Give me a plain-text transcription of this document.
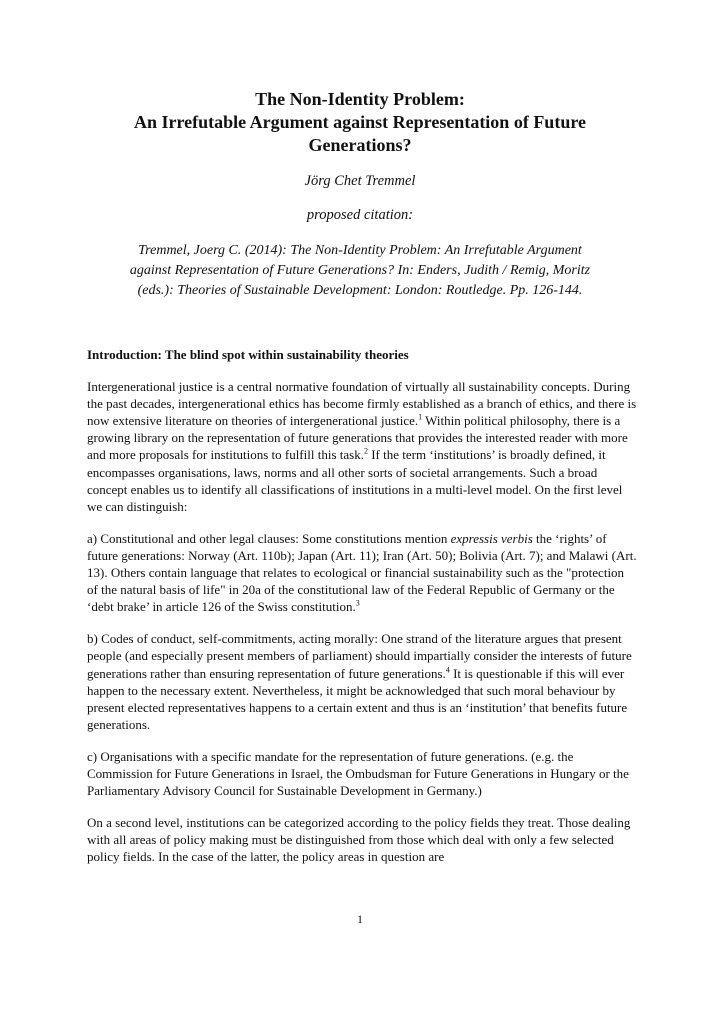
The Non-Identity Problem:
An Irrefutable Argument against Representation of Future
Generations?
Jörg Chet Tremmel
proposed citation:
Tremmel, Joerg C. (2014): The Non-Identity Problem: An Irrefutable Argument
against Representation of Future Generations? In: Enders, Judith / Remig, Moritz
(eds.): Theories of Sustainable Development: London: Routledge. Pp. 126-144.

Introduction: The blind spot within sustainability theories

Intergenerational justice is a central normative foundation of virtually all sustainability concepts. During the past decades, intergenerational ethics has become firmly established as a branch of ethics, and there is now extensive literature on theories of intergenerational justice.$^1$ Within political philosophy, there is a growing library on the representation of future generations that provides the interested reader with more and more proposals for institutions to fulfill this task.$^2$ If the term ‘institutions’ is broadly defined, it encompasses organisations, laws, norms and all other sorts of societal arrangements. Such a broad concept enables us to identify all classifications of institutions in a multi-level model. On the first level we can distinguish:

a) Constitutional and other legal clauses: Some constitutions mention expressis verbis the ‘rights’ of future generations: Norway (Art. 110b); Japan (Art. 11); Iran (Art. 50); Bolivia (Art. 7); and Malawi (Art. 13). Others contain language that relates to ecological or financial sustainability such as the "protection of the natural basis of life" in 20a of the constitutional law of the Federal Republic of Germany or the ‘debt brake’ in article 126 of the Swiss constitution.$^3$

b) Codes of conduct, self-commitments, acting morally: One strand of the literature argues that present people (and especially present members of parliament) should impartially consider the interests of future generations rather than ensuring representation of future generations.$^4$ It is questionable if this will ever happen to the necessary extent. Nevertheless, it might be acknowledged that such moral behaviour by present elected representatives happens to a certain extent and thus is an ‘institution’ that benefits future generations.

c) Organisations with a specific mandate for the representation of future generations. (e.g. the Commission for Future Generations in Israel, the Ombudsman for Future Generations in Hungary or the Parliamentary Advisory Council for Sustainable Development in Germany.)

On a second level, institutions can be categorized according to the policy fields they treat. Those dealing with all areas of policy making must be distinguished from those which deal with only a few selected policy fields. In the case of the latter, the policy areas in question are

1
